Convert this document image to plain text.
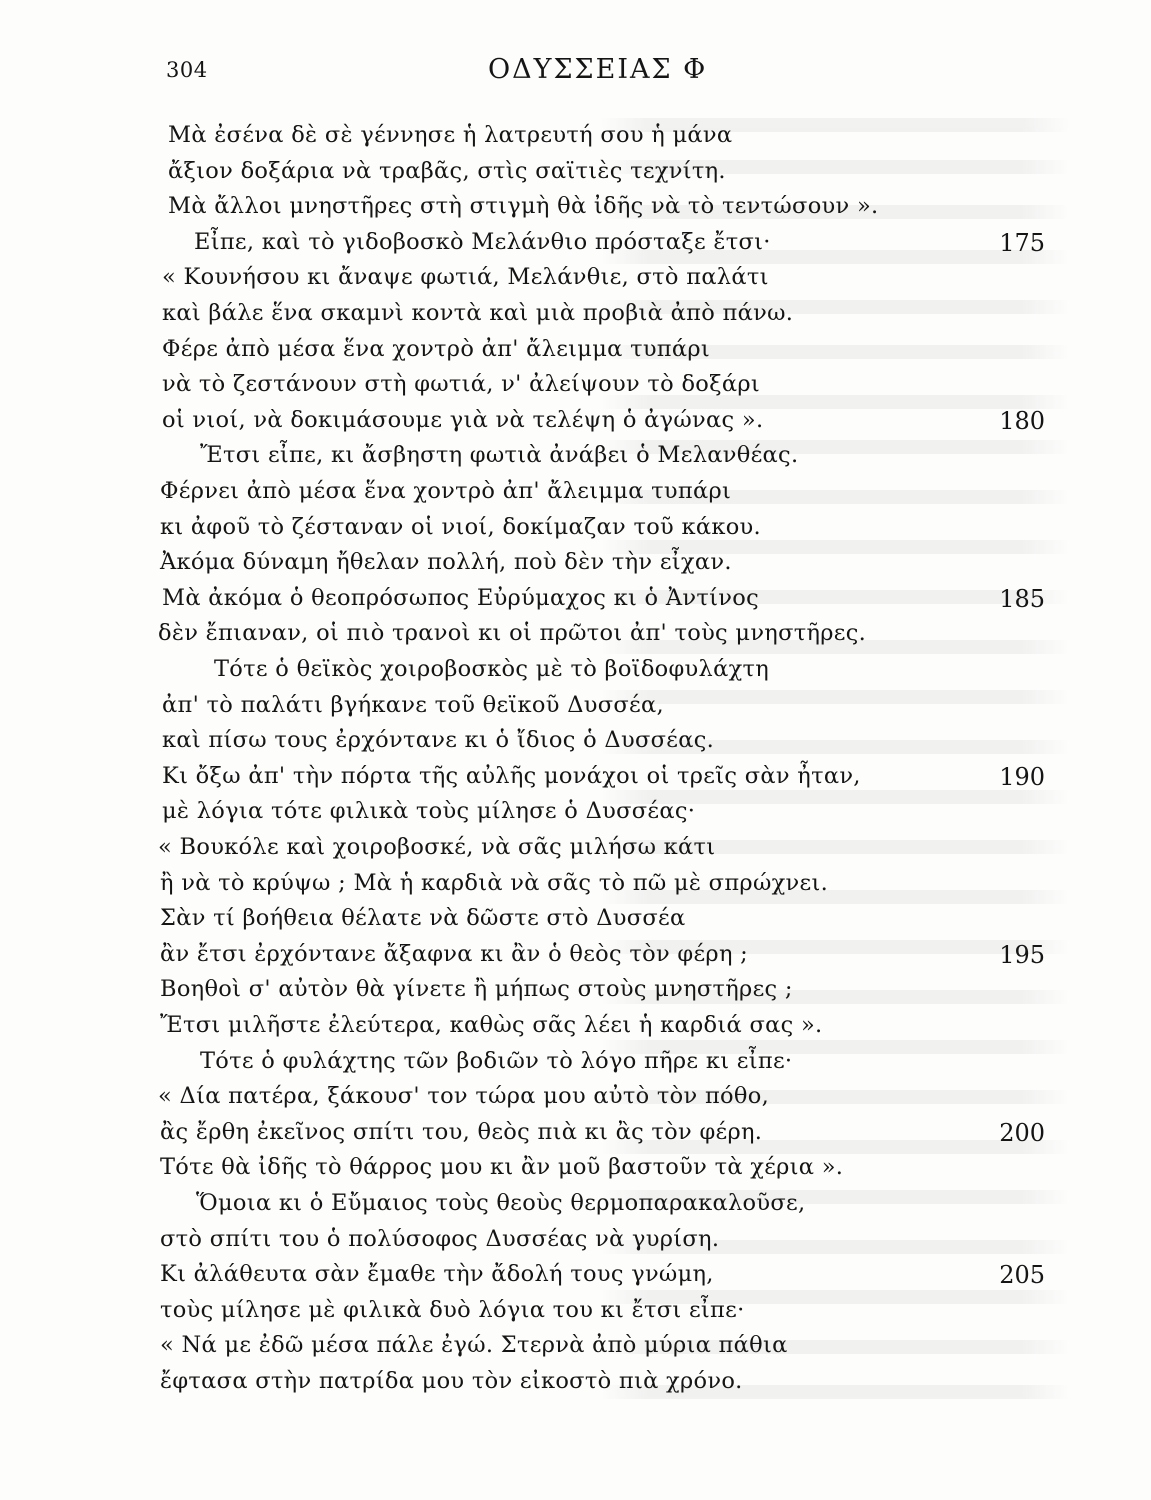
304	ΟΔΥΣΣΕΙΑΣ Φ
Μὰ ἐσένα δὲ σὲ γέννησε ἡ λατρευτή σου ἡ μάνα
ἄξιον δοξάρια νὰ τραβᾶς, στὶς σαϊτιὲς τεχνίτη.
Μὰ ἄλλοι μνηστῆρες στὴ στιγμὴ θὰ ἰδῆς νὰ τὸ τεντώσουν ».
Εἶπε, καὶ τὸ γιδοβοσκὸ Μελάνθιο πρόσταξε ἔτσι·	175
« Κουνήσου κι ἄναψε φωτιά, Μελάνθιε, στὸ παλάτι
καὶ βάλε ἕνα σκαμνὶ κοντὰ καὶ μιὰ προβιὰ ἀπὸ πάνω.
Φέρε ἀπὸ μέσα ἕνα χοντρὸ ἀπ' ἄλειμμα τυπάρι
νὰ τὸ ζεστάνουν στὴ φωτιά, ν' ἀλείψουν τὸ δοξάρι
οἱ νιοί, νὰ δοκιμάσουμε γιὰ νὰ τελέψη ὁ ἀγώνας ».	180
Ἔτσι εἶπε, κι ἄσβηστη φωτιὰ ἀνάβει ὁ Μελανθέας.
Φέρνει ἀπὸ μέσα ἕνα χοντρὸ ἀπ' ἄλειμμα τυπάρι
κι ἀφοῦ τὸ ζέσταναν οἱ νιοί, δοκίμαζαν τοῦ κάκου.
Ἀκόμα δύναμη ἤθελαν πολλή, ποὺ δὲν τὴν εἶχαν.
Μὰ ἀκόμα ὁ θεοπρόσωπος Εὐρύμαχος κι ὁ Ἀντίνος	185
δὲν ἔπιαναν, οἱ πιὸ τρανοὶ κι οἱ πρῶτοι ἀπ' τοὺς μνηστῆρες.
Τότε ὁ θεϊκὸς χοιροβοσκὸς μὲ τὸ βοϊδοφυλάχτη
ἀπ' τὸ παλάτι βγήκανε τοῦ θεϊκοῦ Δυσσέα,
καὶ πίσω τους ἐρχόντανε κι ὁ ἴδιος ὁ Δυσσέας.
Κι ὄξω ἀπ' τὴν πόρτα τῆς αὐλῆς μονάχοι οἱ τρεῖς σὰν ἦταν,	190
μὲ λόγια τότε φιλικὰ τοὺς μίλησε ὁ Δυσσέας·
« Βουκόλε καὶ χοιροβοσκέ, νὰ σᾶς μιλήσω κάτι
ἢ νὰ τὸ κρύψω ; Μὰ ἡ καρδιὰ νὰ σᾶς τὸ πῶ μὲ σπρώχνει.
Σὰν τί βοήθεια θέλατε νὰ δῶστε στὸ Δυσσέα
ἂν ἔτσι ἐρχόντανε ἄξαφνα κι ἂν ὁ θεὸς τὸν φέρη ;	195
Βοηθοὶ σ' αὐτὸν θὰ γίνετε ἢ μήπως στοὺς μνηστῆρες ;
Ἔτσι μιλῆστε ἐλεύτερα, καθὼς σᾶς λέει ἡ καρδιά σας ».
Τότε ὁ φυλάχτης τῶν βοδιῶν τὸ λόγο πῆρε κι εἶπε·
« Δία πατέρα, ξάκουσ' τον τώρα μου αὐτὸ τὸν πόθο,
ἂς ἔρθη ἐκεῖνος σπίτι του, θεὸς πιὰ κι ἂς τὸν φέρη.	200
Τότε θὰ ἰδῆς τὸ θάρρος μου κι ἂν μοῦ βαστοῦν τὰ χέρια ».
Ὅμοια κι ὁ Εὔμαιος τοὺς θεοὺς θερμοπαρακαλοῦσε,
στὸ σπίτι του ὁ πολύσοφος Δυσσέας νὰ γυρίση.
Κι ἀλάθευτα σὰν ἔμαθε τὴν ἄδολή τους γνώμη,	205
τοὺς μίλησε μὲ φιλικὰ δυὸ λόγια του κι ἔτσι εἶπε·
« Νά με ἐδῶ μέσα πάλε ἐγώ. Στερνὰ ἀπὸ μύρια πάθια
ἔφτασα στὴν πατρίδα μου τὸν εἰκοστὸ πιὰ χρόνο.
